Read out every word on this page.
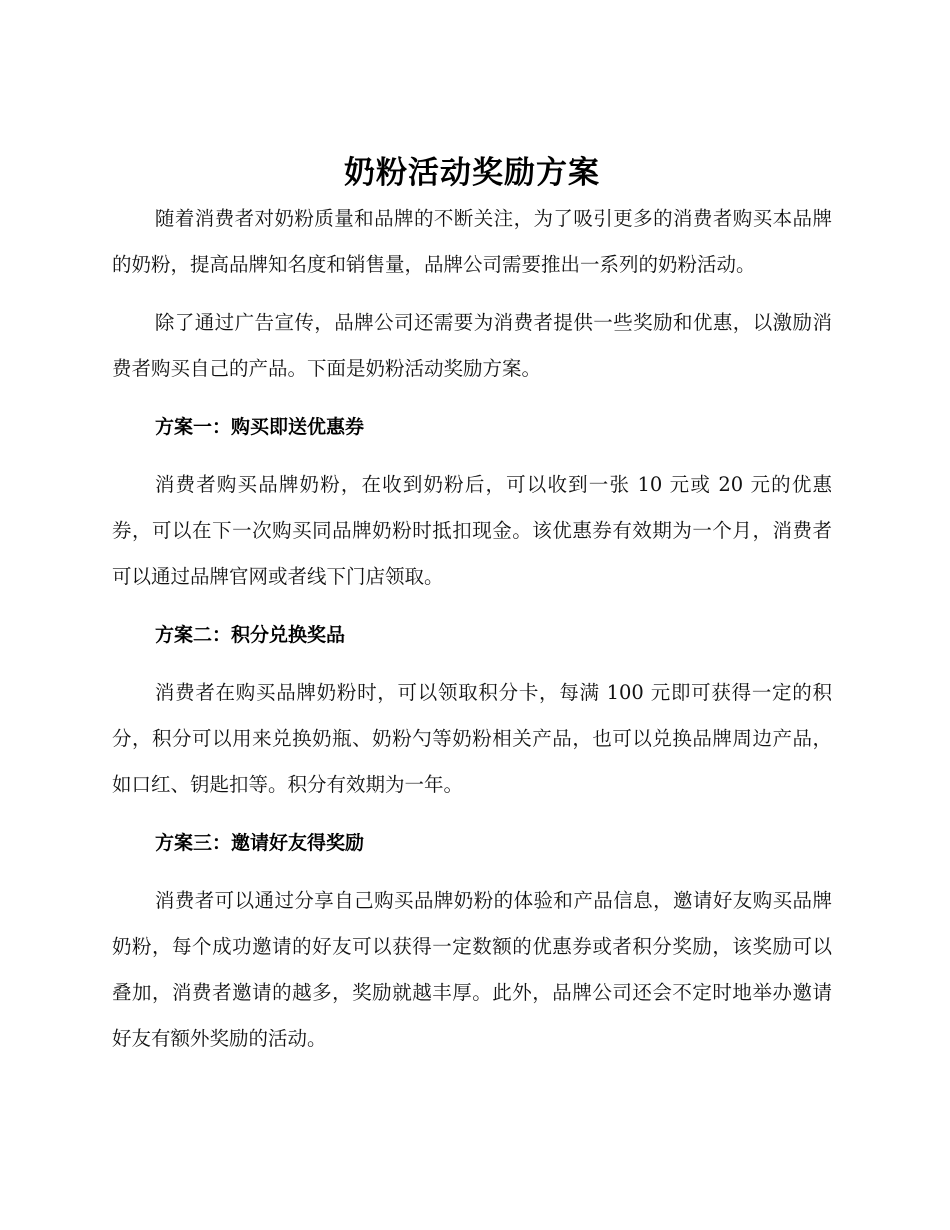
奶粉活动奖励方案

随着消费者对奶粉质量和品牌的不断关注，为了吸引更多的消费者购买本品牌的奶粉，提高品牌知名度和销售量，品牌公司需要推出一系列的奶粉活动。

除了通过广告宣传，品牌公司还需要为消费者提供一些奖励和优惠，以激励消费者购买自己的产品。下面是奶粉活动奖励方案。

方案一：购买即送优惠券

消费者购买品牌奶粉，在收到奶粉后，可以收到一张 10 元或 20 元的优惠券，可以在下一次购买同品牌奶粉时抵扣现金。该优惠券有效期为一个月，消费者可以通过品牌官网或者线下门店领取。

方案二：积分兑换奖品

消费者在购买品牌奶粉时，可以领取积分卡，每满 100 元即可获得一定的积分，积分可以用来兑换奶瓶、奶粉勺等奶粉相关产品，也可以兑换品牌周边产品，如口红、钥匙扣等。积分有效期为一年。

方案三：邀请好友得奖励

消费者可以通过分享自己购买品牌奶粉的体验和产品信息，邀请好友购买品牌奶粉，每个成功邀请的好友可以获得一定数额的优惠券或者积分奖励，该奖励可以叠加，消费者邀请的越多，奖励就越丰厚。此外，品牌公司还会不定时地举办邀请好友有额外奖励的活动。
